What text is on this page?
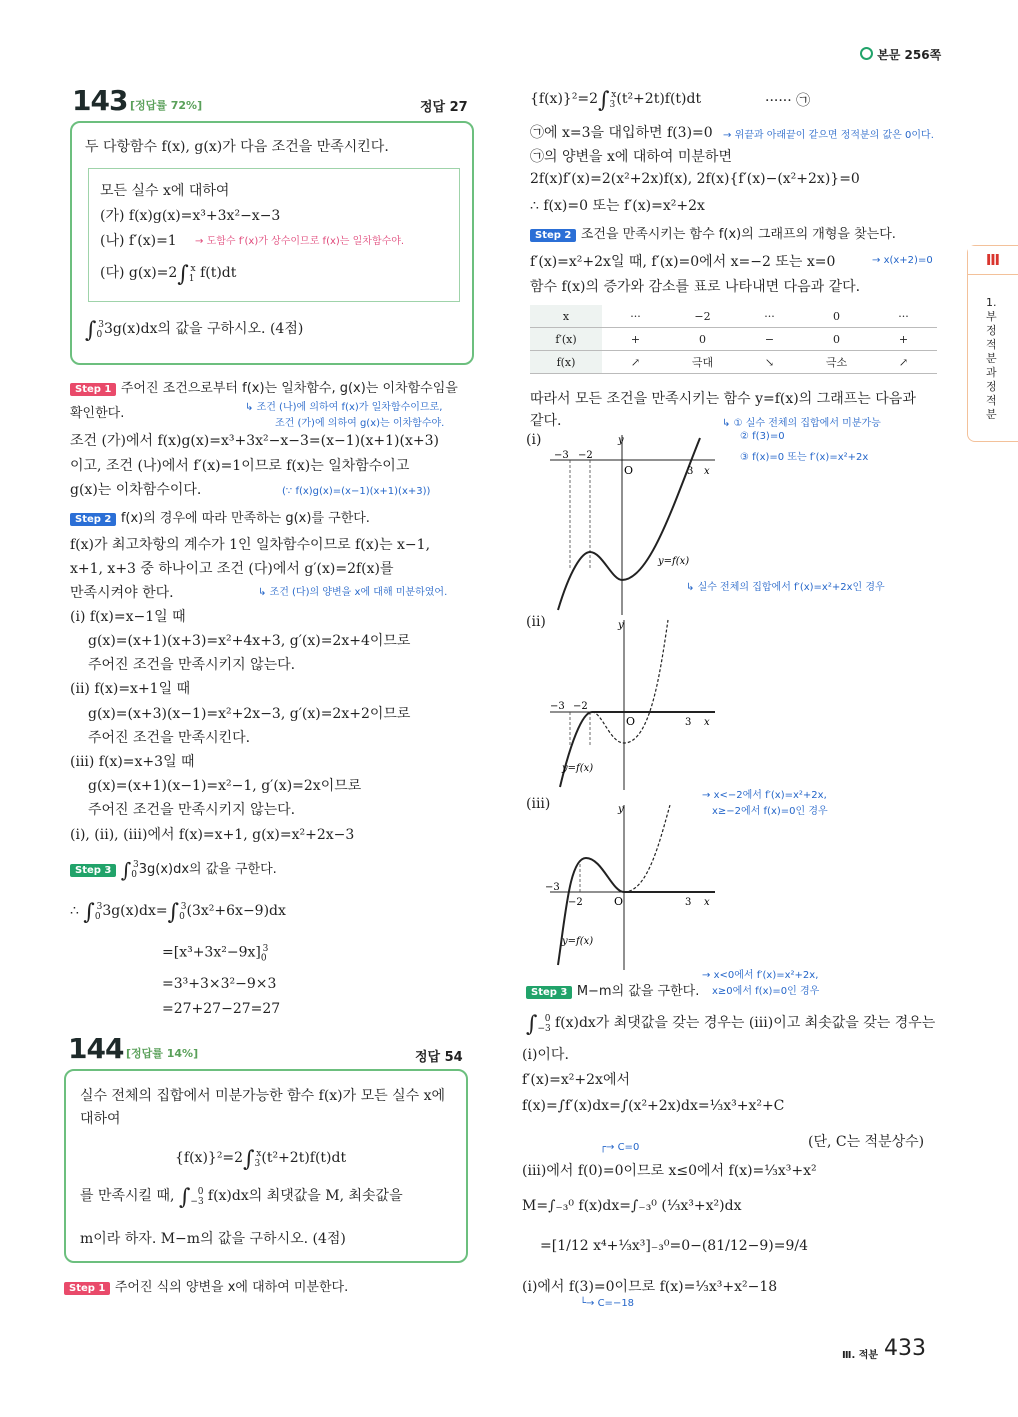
본문 256쪽
143 [정답률 72%]	정답 27
두 다항함수 f(x), g(x)가 다음 조건을 만족시킨다.
모든 실수 x에 대하여
(가) f(x)g(x)=x³+3x²−x−3
(나) f′(x)=1 → 도함수 f′(x)가 상수이므로 f(x)는 일차함수야.
(다) $g(x)=2\int_1^x$ f(t)dt
$\int_0^33g(x)dx$의 값을 구하시오. (4점)
Step 1 주어진 조건으로부터 f(x)는 일차함수, g(x)는 이차함수임을
확인한다.	↳ 조건 (나)에 의하여 f(x)가 일차함수이므로,
조건 (가)에 의하여 g(x)는 이차함수야.
조건 (가)에서 f(x)g(x)=x³+3x²−x−3=(x−1)(x+1)(x+3)
이고, 조건 (나)에서 f′(x)=1이므로 f(x)는 일차함수이고
g(x)는 이차함수이다.	(∵ f(x)g(x)=(x−1)(x+1)(x+3))
Step 2 f(x)의 경우에 따라 만족하는 g(x)를 구한다.
f(x)가 최고차항의 계수가 1인 일차함수이므로 f(x)는 x−1,
x+1, x+3 중 하나이고 조건 (다)에서 g′(x)=2f(x)를
만족시켜야 한다.	↳ 조건 (다)의 양변을 x에 대해 미분하였어.
(i) f(x)=x−1일 때
g(x)=(x+1)(x+3)=x²+4x+3, g′(x)=2x+4이므로
주어진 조건을 만족시키지 않는다.
(ii) f(x)=x+1일 때
g(x)=(x+3)(x−1)=x²+2x−3, g′(x)=2x+2이므로
주어진 조건을 만족시킨다.
(iii) f(x)=x+3일 때
g(x)=(x+1)(x−1)=x²−1, g′(x)=2x이므로
주어진 조건을 만족시키지 않는다.
(i), (ii), (iii)에서 f(x)=x+1, g(x)=x²+2x−3
Step 3 $\int_0^33g(x)dx$의 값을 구한다.
∴ $\int_0^33g(x)dx=\int_0^3(3x^2+6x-9)dx$
$=[x^3+3x^2-9x]_0^3$
=3³+3×3²−9×3
=27+27−27=27
144 [정답률 14%]	정답 54
실수 전체의 집합에서 미분가능한 함수 f(x)가 모든 실수 x에
대하여
$\{f(x)\}^2=2\int_3^x(t^2+2t)f(t)dt$
를 만족시킬 때, $\int_{-3}^0$ f(x)dx의 최댓값을 M, 최솟값을
m이라 하자. M−m의 값을 구하시오. (4점)
Step 1 주어진 식의 양변을 x에 대하여 미분한다.
$\{f(x)\}^2=2\int_3^x(t^2+2t)f(t)dt$	······ ㉠
㉠에 x=3을 대입하면 f(3)=0 → 위끝과 아래끝이 같으면 정적분의 값은 0이다.
㉠의 양변을 x에 대하여 미분하면
2f(x)f′(x)=2(x²+2x)f(x), 2f(x){f′(x)−(x²+2x)}=0
∴ f(x)=0 또는 f′(x)=x²+2x
Step 2 조건을 만족시키는 함수 f(x)의 그래프의 개형을 찾는다.
f′(x)=x²+2x일 때, f′(x)=0에서 x=−2 또는 x=0	→ x(x+2)=0
함수 f(x)의 증가와 감소를 표로 나타내면 다음과 같다.
x	···	−2	···	0	···
f′(x)	+	0	−	0	+
f(x)	↗	극대	↘	극소	↗
따라서 모든 조건을 만족시키는 함수 y=f(x)의 그래프는 다음과
같다.	↳ ① 실수 전체의 집합에서 미분가능
② f(3)=0
③ f(x)=0 또는 f′(x)=x²+2x
(i)
O
y
x
−3 −2
3
y=f(x)
↳ 실수 전체의 집합에서 f′(x)=x²+2x인 경우
(ii)
O
y
x
−3 −2
3
y=f(x)
→ x<−2에서 f′(x)=x²+2x,
x≥−2에서 f(x)=0인 경우
(iii)
O
y
x
−3
−2	3
y=f(x)
→ x<0에서 f′(x)=x²+2x,
x≥0에서 f(x)=0인 경우
Step 3 M−m의 값을 구한다.
$\int_{-3}^0$ f(x)dx가 최댓값을 갖는 경우는 (iii)이고 최솟값을 갖는 경우는
(i)이다.
f′(x)=x²+2x에서
f(x)=∫f′(x)dx=∫(x²+2x)dx=⅓x³+x²+C
(단, C는 적분상수)
┌→ C=0
(iii)에서 f(0)=0이므로 x≤0에서 f(x)=⅓x³+x²
M=∫₋₃⁰ f(x)dx=∫₋₃⁰ (⅓x³+x²)dx
=[1/12 x⁴+⅓x³]₋₃⁰=0−(81/12−9)=9/4
(i)에서 f(3)=0이므로 f(x)=⅓x³+x²−18
└→ C=−18
Ⅲ
1. 부정적분과 정적분
Ⅲ. 적분 433
